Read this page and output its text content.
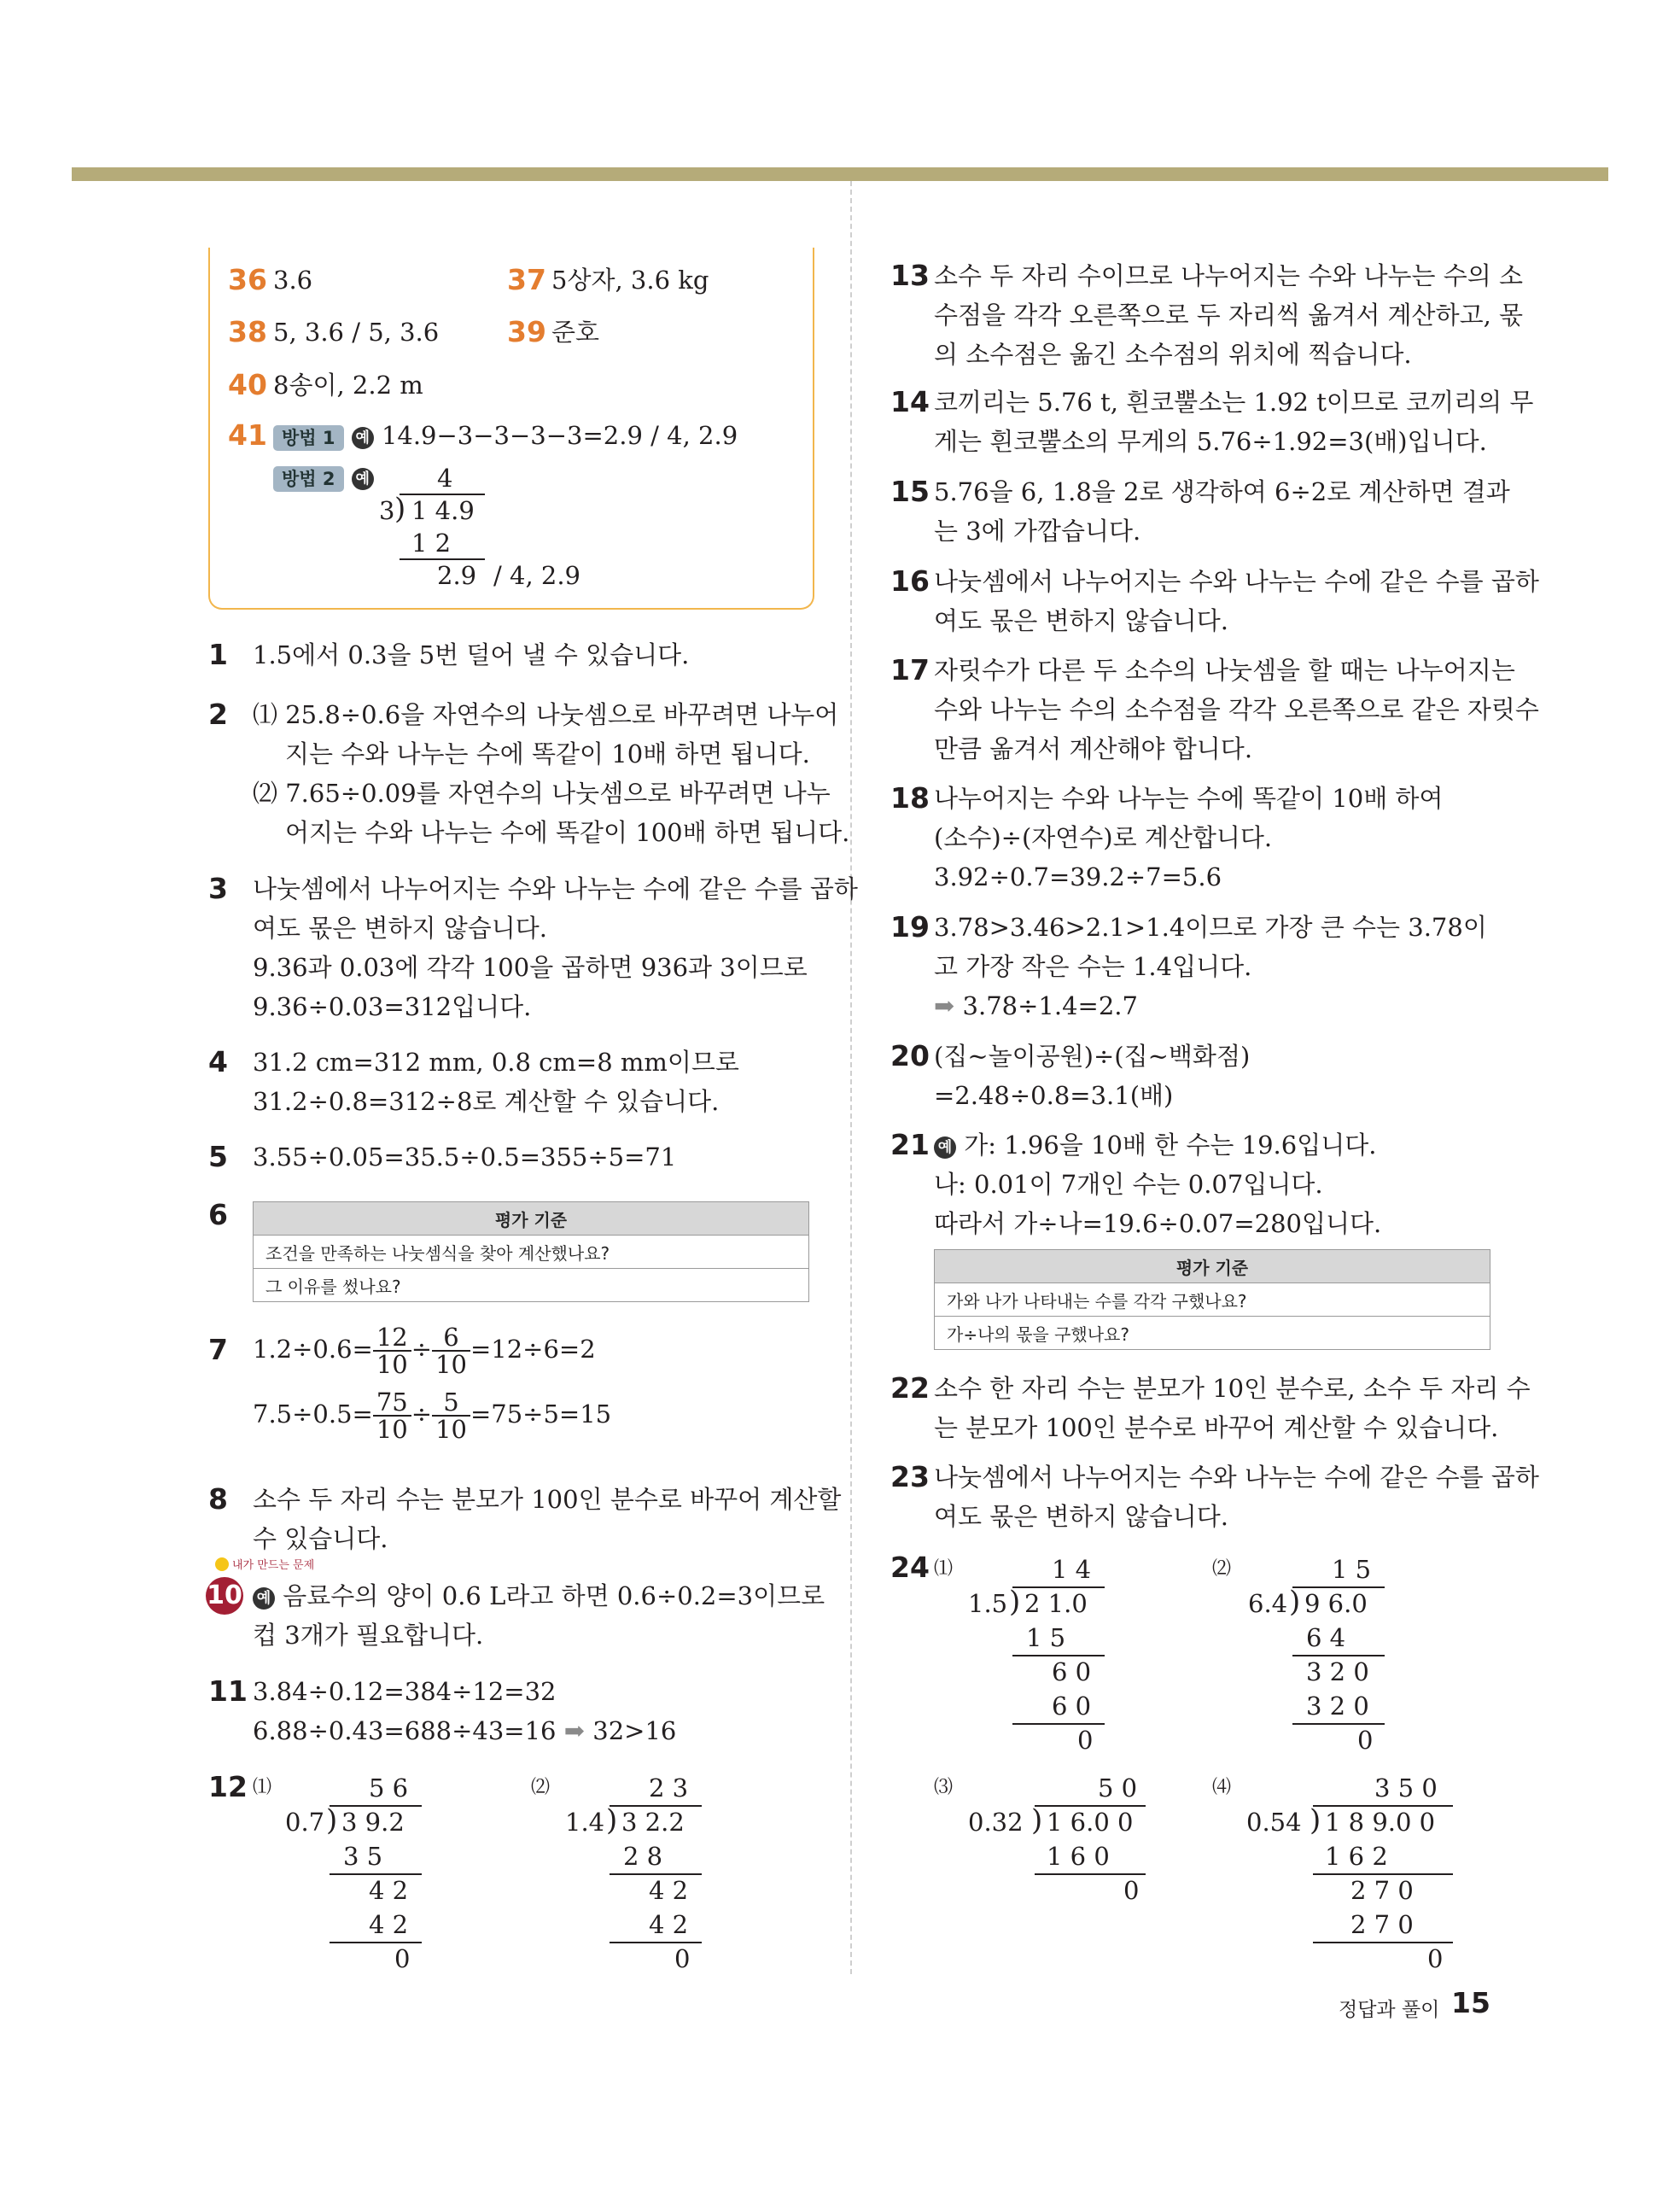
36 3.6	37 5상자, 3.6 kg
38 5, 3.6 / 5, 3.6 39 준호
40 8송이, 2.2 m
41 방법 1 예 14.9−3−3−3−3=2.9 / 4, 2.9
방법 2 예	4
3 ) 1 4.9
1 2
2.9 / 4, 2.9
1 1.5에서 0.3을 5번 덜어 낼 수 있습니다.
2 ⑴ 25.8÷0.6을 자연수의 나눗셈으로 바꾸려면 나누어
지는 수와 나누는 수에 똑같이 10배 하면 됩니다.
⑵ 7.65÷0.09를 자연수의 나눗셈으로 바꾸려면 나누
어지는 수와 나누는 수에 똑같이 100배 하면 됩니다.
3 나눗셈에서 나누어지는 수와 나누는 수에 같은 수를 곱하
여도 몫은 변하지 않습니다.
9.36과 0.03에 각각 100을 곱하면 936과 3이므로
9.36÷0.03=312입니다.
4 31.2 cm=312 mm, 0.8 cm=8 mm이므로
31.2÷0.8=312÷8로 계산할 수 있습니다.
5 3.55÷0.05=35.5÷0.5=355÷5=71
6	평가 기준
조건을 만족하는 나눗셈식을 찾아 계산했나요?
그 이유를 썼나요?
7 $1.2\div 0.6= \frac{12}{10} \div \frac{6}{10} =12\div 6=2$
$7.5\div 0.5= \frac{75}{10} \div \frac{5}{10} =75\div 5=15$
8 소수 두 자리 수는 분모가 100인 분수로 바꾸어 계산할
수 있습니다.
내가 만드는 문제
10 예 음료수의 양이 0.6 L라고 하면 0.6÷0.2=3이므로
컵 3개가 필요합니다.
11 3.84÷0.12=384÷12=32
6.88÷0.43=688÷43=16 ➡ 32>16
12 ⑴	5 6
0.7 ) 3 9.2
3 5
4 2
4 2
0
⑵	2 3
1.4 ) 3 2.2
2 8
4 2
4 2
0
13 소수 두 자리 수이므로 나누어지는 수와 나누는 수의 소
수점을 각각 오른쪽으로 두 자리씩 옮겨서 계산하고, 몫
의 소수점은 옮긴 소수점의 위치에 찍습니다.
14 코끼리는 5.76 t, 흰코뿔소는 1.92 t이므로 코끼리의 무
게는 흰코뿔소의 무게의 5.76÷1.92=3(배)입니다.
15 5.76을 6, 1.8을 2로 생각하여 6÷2로 계산하면 결과
는 3에 가깝습니다.
16 나눗셈에서 나누어지는 수와 나누는 수에 같은 수를 곱하
여도 몫은 변하지 않습니다.
17 자릿수가 다른 두 소수의 나눗셈을 할 때는 나누어지는
수와 나누는 수의 소수점을 각각 오른쪽으로 같은 자릿수
만큼 옮겨서 계산해야 합니다.
18 나누어지는 수와 나누는 수에 똑같이 10배 하여
(소수)÷(자연수)로 계산합니다.
3.92÷0.7=39.2÷7=5.6
19 3.78>3.46>2.1>1.4이므로 가장 큰 수는 3.78이
고 가장 작은 수는 1.4입니다.
➡ 3.78÷1.4=2.7
20 (집~놀이공원)÷(집~백화점)
=2.48÷0.8=3.1(배)
21 예 가: 1.96을 10배 한 수는 19.6입니다.
나: 0.01이 7개인 수는 0.07입니다.
따라서 가÷나=19.6÷0.07=280입니다.
평가 기준
가와 나가 나타내는 수를 각각 구했나요?
가÷나의 몫을 구했나요?
22 소수 한 자리 수는 분모가 10인 분수로, 소수 두 자리 수
는 분모가 100인 분수로 바꾸어 계산할 수 있습니다.
23 나눗셈에서 나누어지는 수와 나누는 수에 같은 수를 곱하
여도 몫은 변하지 않습니다.
24 ⑴	1 4
1.5 ) 2 1.0
1 5
6 0
6 0
0
⑵	1 5
6.4 ) 9 6.0
6 4
3 2 0
3 2 0
0
⑶	5 0
0.32 ) 1 6.0 0
1 6 0
0
⑷	3 5 0
0.54 ) 1 8 9.0 0
1 6 2
2 7 0
2 7 0
0
정답과 풀이 15
